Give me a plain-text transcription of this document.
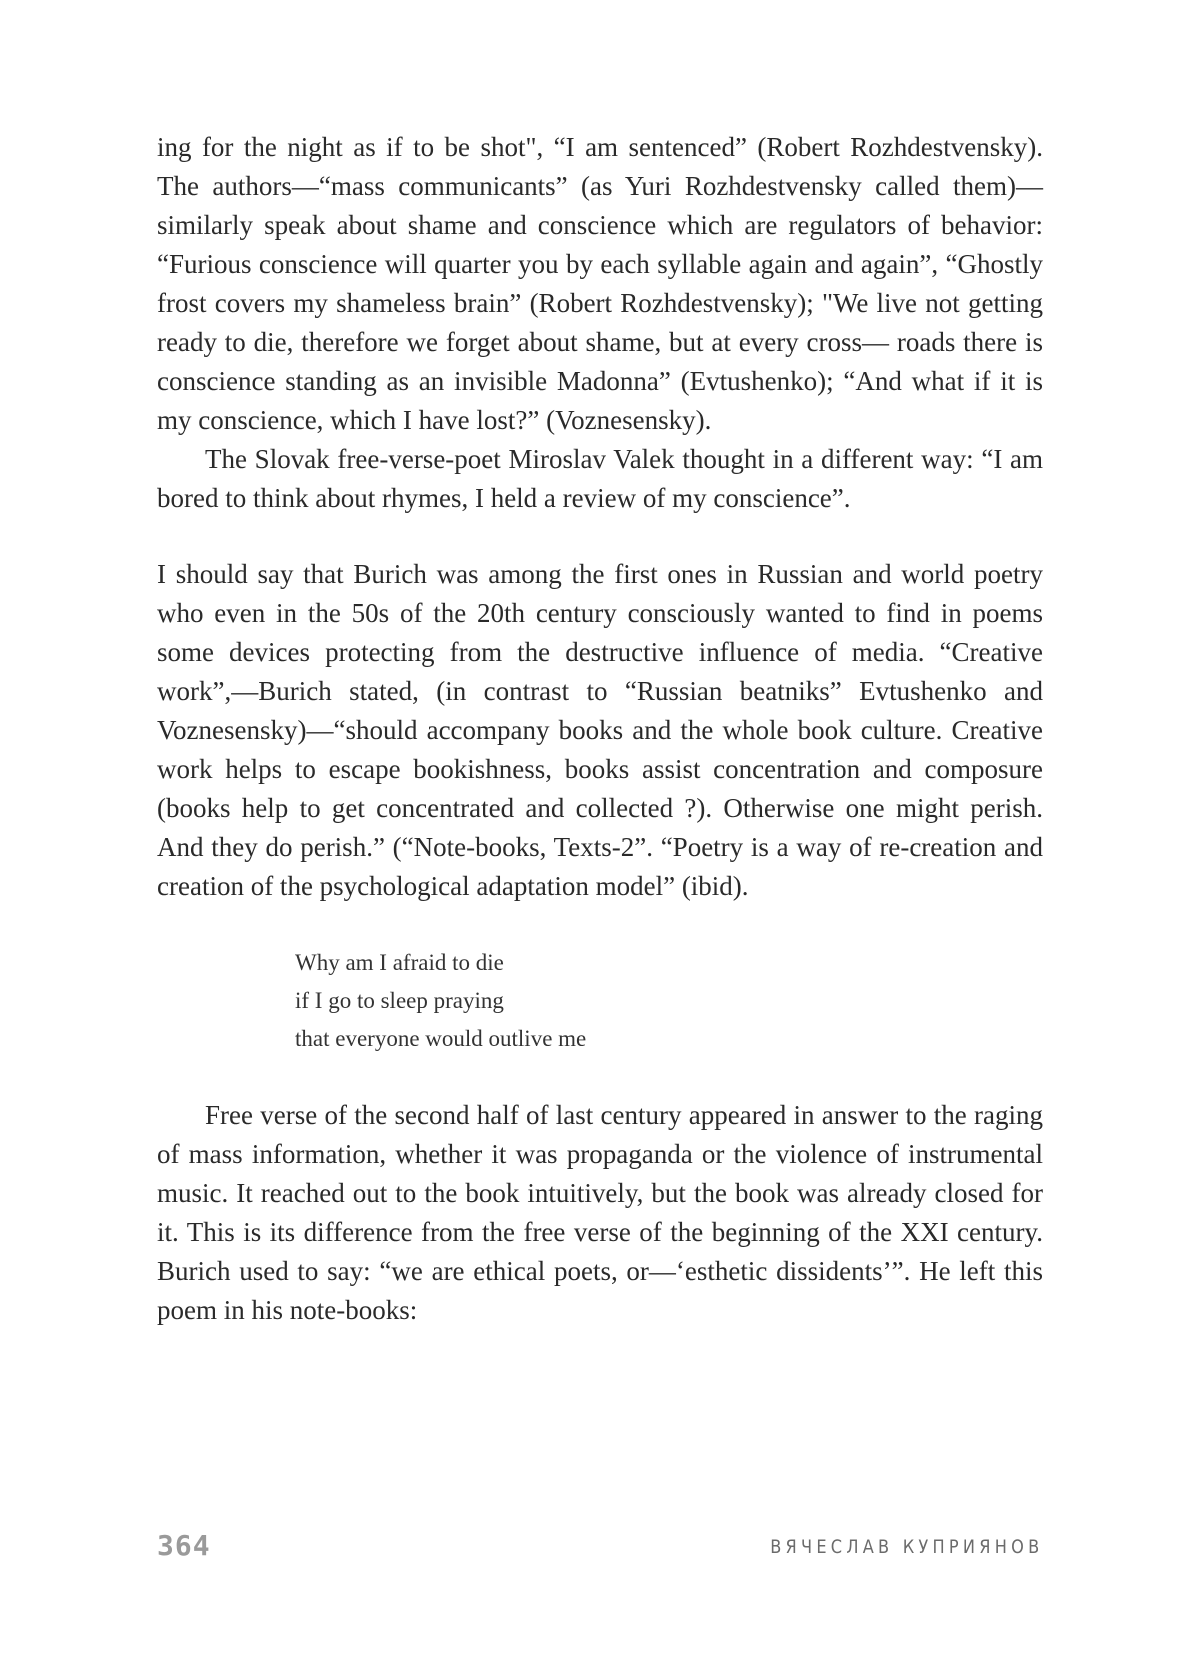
ing for the night as if to be shot", “I am sentenced” (Robert Rozhdestvensky). The authors—“mass communicants” (as Yuri Rozhdestvensky called them)—similarly speak about shame and conscience which are regulators of behavior: “Furious conscience will quarter you by each syllable again and again”, “Ghostly frost covers my shameless brain” (Robert Rozhdestvensky); "We live not getting ready to die, therefore we forget about shame, but at every cross— roads there is conscience standing as an invisible Madonna” (Evtushenko); “And what if it is my conscience, which I have lost?” (Voznesensky).

The Slovak free-verse-poet Miroslav Valek thought in a different way: “I am bored to think about rhymes, I held a review of my conscience”.

I should say that Burich was among the first ones in Russian and world poetry who even in the 50s of the 20th century consciously wanted to find in poems some devices protecting from the destructive influence of media. “Creative work”,—Burich stated, (in contrast to “Russian beatniks” Evtushenko and Voznesensky)—“should accompany books and the whole book culture. Creative work helps to escape bookishness, books assist concentration and composure (books help to get concentrated and collected ?). Otherwise one might perish. And they do perish.” (“Note-books, Texts-2”. “Poetry is a way of re-creation and creation of the psychological adaptation model” (ibid).

Why am I afraid to die
if I go to sleep praying
that everyone would outlive me

Free verse of the second half of last century appeared in answer to the raging of mass information, whether it was propaganda or the violence of instrumental music. It reached out to the book intuitively, but the book was already closed for it. This is its difference from the free verse of the beginning of the XXI century. Burich used to say: “we are ethical poets, or—‘esthetic dissidents’”. He left this poem in his note-books:

364	ВЯЧЕСЛАВ КУПРИЯНОВ
